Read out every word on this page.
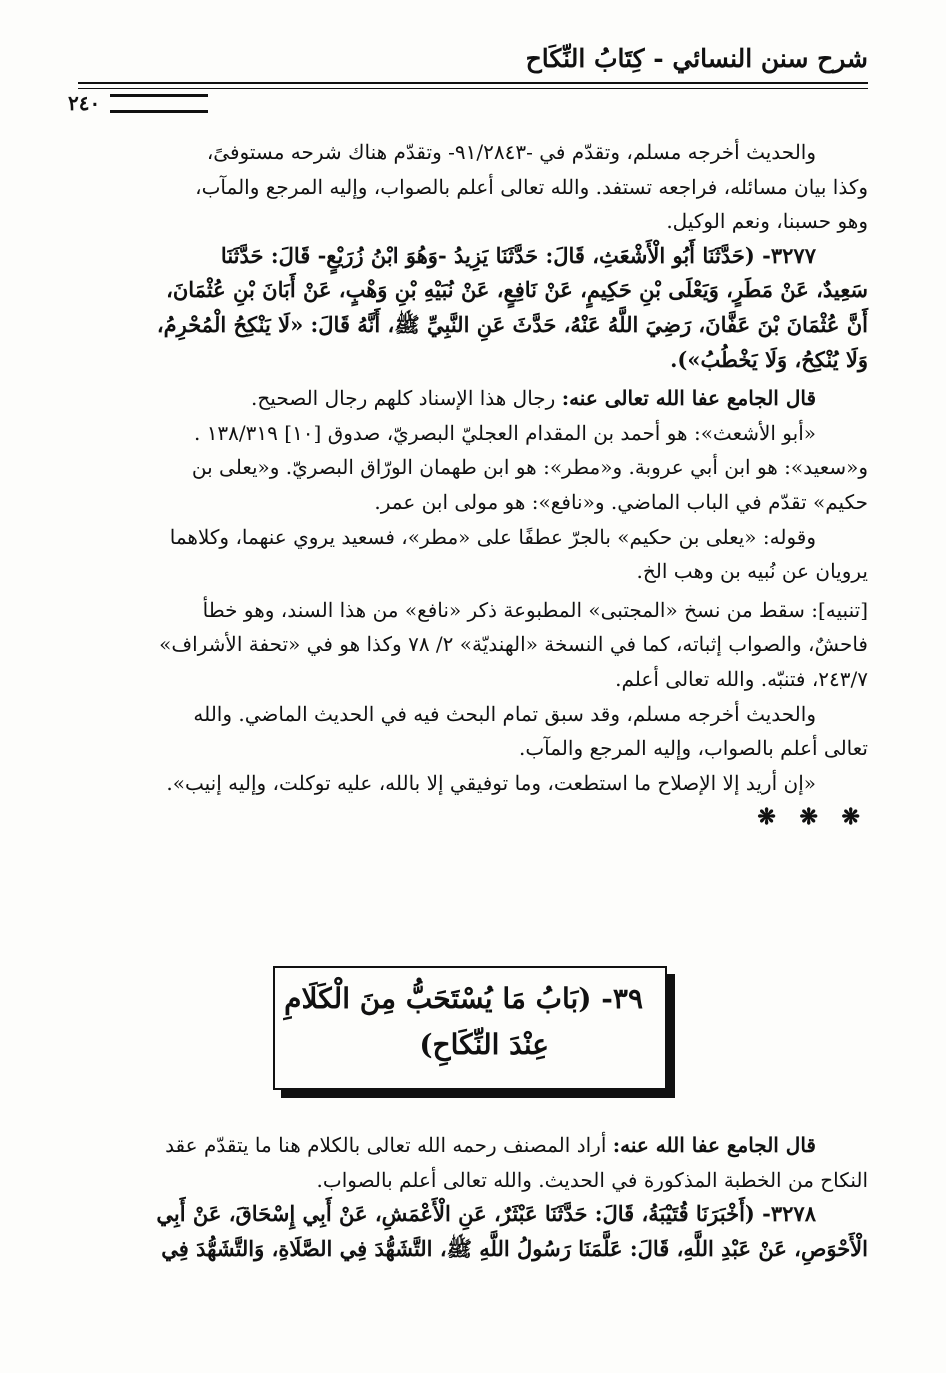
شرح سنن النسائي - كِتَابُ النِّكَاح
٢٤٠

والحديث أخرجه مسلم، وتقدّم في -٩١/٢٨٤٣- وتقدّم هناك شرحه مستوفىً،

وكذا بيان مسائله، فراجعه تستفد. والله تعالى أعلم بالصواب، وإليه المرجع والمآب،

وهو حسبنا، ونعم الوكيل.

٣٢٧٧- (حَدَّثَنَا أَبُو الْأَشْعَثِ، قَالَ: حَدَّثَنَا يَزِيدُ -وَهُوَ ابْنُ زُرَيْعٍ- قَالَ: حَدَّثَنَا

سَعِيدٌ، عَنْ مَطَرٍ، وَيَعْلَى بْنِ حَكِيمٍ، عَنْ نَافِعٍ، عَنْ نُبَيْهِ بْنِ وَهْبٍ، عَنْ أَبَانَ بْنِ عُثْمَانَ،

أَنَّ عُثْمَانَ بْنَ عَفَّانَ، رَضِيَ اللَّهُ عَنْهُ، حَدَّثَ عَنِ النَّبِيِّ ﷺ، أَنَّهُ قَالَ: «لَا يَنْكِحُ الْمُحْرِمُ،

وَلَا يُنْكِحُ، وَلَا يَخْطُبُ»).

قال الجامع عفا الله تعالى عنه: رجال هذا الإسناد كلهم رجال الصحيح.

«أبو الأشعث»: هو أحمد بن المقدام العجليّ البصريّ، صدوق [١٠] ١٣٨/٣١٩ .

و«سعيد»: هو ابن أبي عروبة. و«مطر»: هو ابن طهمان الورّاق البصريّ. و«يعلى بن

حكيم» تقدّم في الباب الماضي. و«نافع»: هو مولى ابن عمر.

وقوله: «يعلى بن حكيم» بالجرّ عطفًا على «مطر»، فسعيد يروي عنهما، وكلاهما

يرويان عن نُبيه بن وهب الخ.

[تنبيه]: سقط من نسخ «المجتبى» المطبوعة ذكر «نافع» من هذا السند، وهو خطأ

فاحشٌ، والصواب إثباته، كما في النسخة «الهنديّة» ٢/ ٧٨ وكذا هو في «تحفة الأشراف»

٢٤٣/٧، فتنبّه. والله تعالى أعلم.

والحديث أخرجه مسلم، وقد سبق تمام البحث فيه في الحديث الماضي. والله

تعالى أعلم بالصواب، وإليه المرجع والمآب.

«إن أريد إلا الإصلاح ما استطعت، وما توفيقي إلا بالله، عليه توكلت، وإليه إنيب».

❋ ❋ ❋

٣٩- (بَابُ مَا يُسْتَحَبُّ مِنَ الْكَلَامِ
عِنْدَ النِّكَاحِ)

قال الجامع عفا الله عنه: أراد المصنف رحمه الله تعالى بالكلام هنا ما يتقدّم عقد

النكاح من الخطبة المذكورة في الحديث. والله تعالى أعلم بالصواب.

٣٢٧٨- (أَخْبَرَنَا قُتَيْبَةُ، قَالَ: حَدَّثَنَا عَبْثَرٌ، عَنِ الْأَعْمَشِ، عَنْ أَبِي إِسْحَاقَ، عَنْ أَبِي

الْأَحْوَصِ، عَنْ عَبْدِ اللَّهِ، قَالَ: عَلَّمَنَا رَسُولُ اللَّهِ ﷺ، التَّشَهُّدَ فِي الصَّلَاةِ، وَالتَّشَهُّدَ فِي
